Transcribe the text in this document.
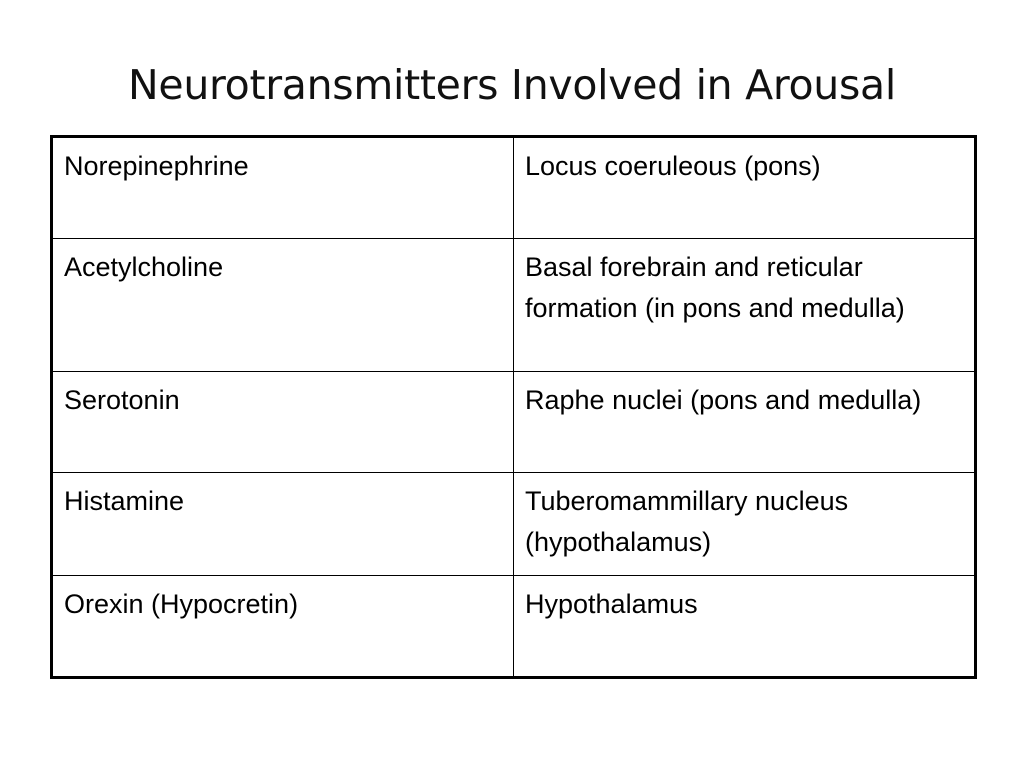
Neurotransmitters Involved in Arousal
Norepinephrine	Locus coeruleous (pons)
Acetylcholine	Basal forebrain and reticular formation (in pons and medulla)
Serotonin	Raphe nuclei (pons and medulla)
Histamine	Tuberomammillary nucleus (hypothalamus)
Orexin (Hypocretin)	Hypothalamus
